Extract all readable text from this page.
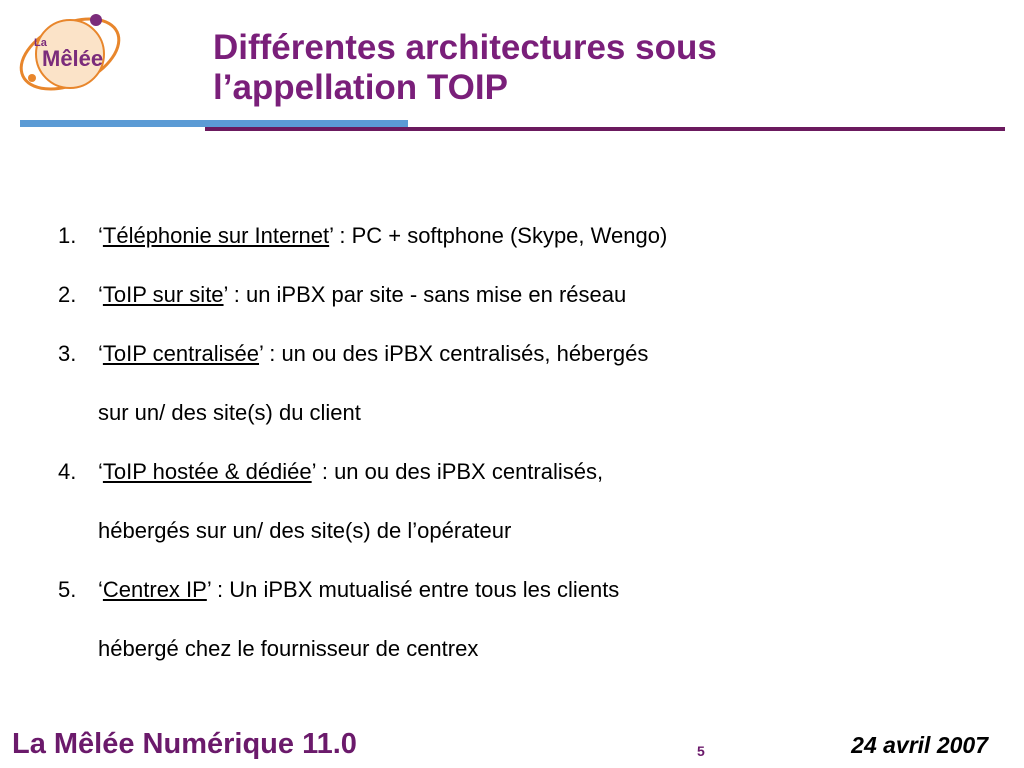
La
Mêlée	Différentes architectures sous
l’appellation TOIP
1. ‘Téléphonie sur Internet’ : PC + softphone (Skype, Wengo)
2. ‘ToIP sur site’ : un iPBX par site - sans mise en réseau
3. ‘ToIP centralisée’ : un ou des iPBX centralisés, hébergés
sur un/ des site(s) du client
4. ‘ToIP hostée & dédiée’ : un ou des iPBX centralisés,
hébergés sur un/ des site(s) de l’opérateur
5. ‘Centrex IP’ : Un iPBX mutualisé entre tous les clients
hébergé chez le fournisseur de centrex
La Mêlée Numérique 11.0	5	24 avril 2007
